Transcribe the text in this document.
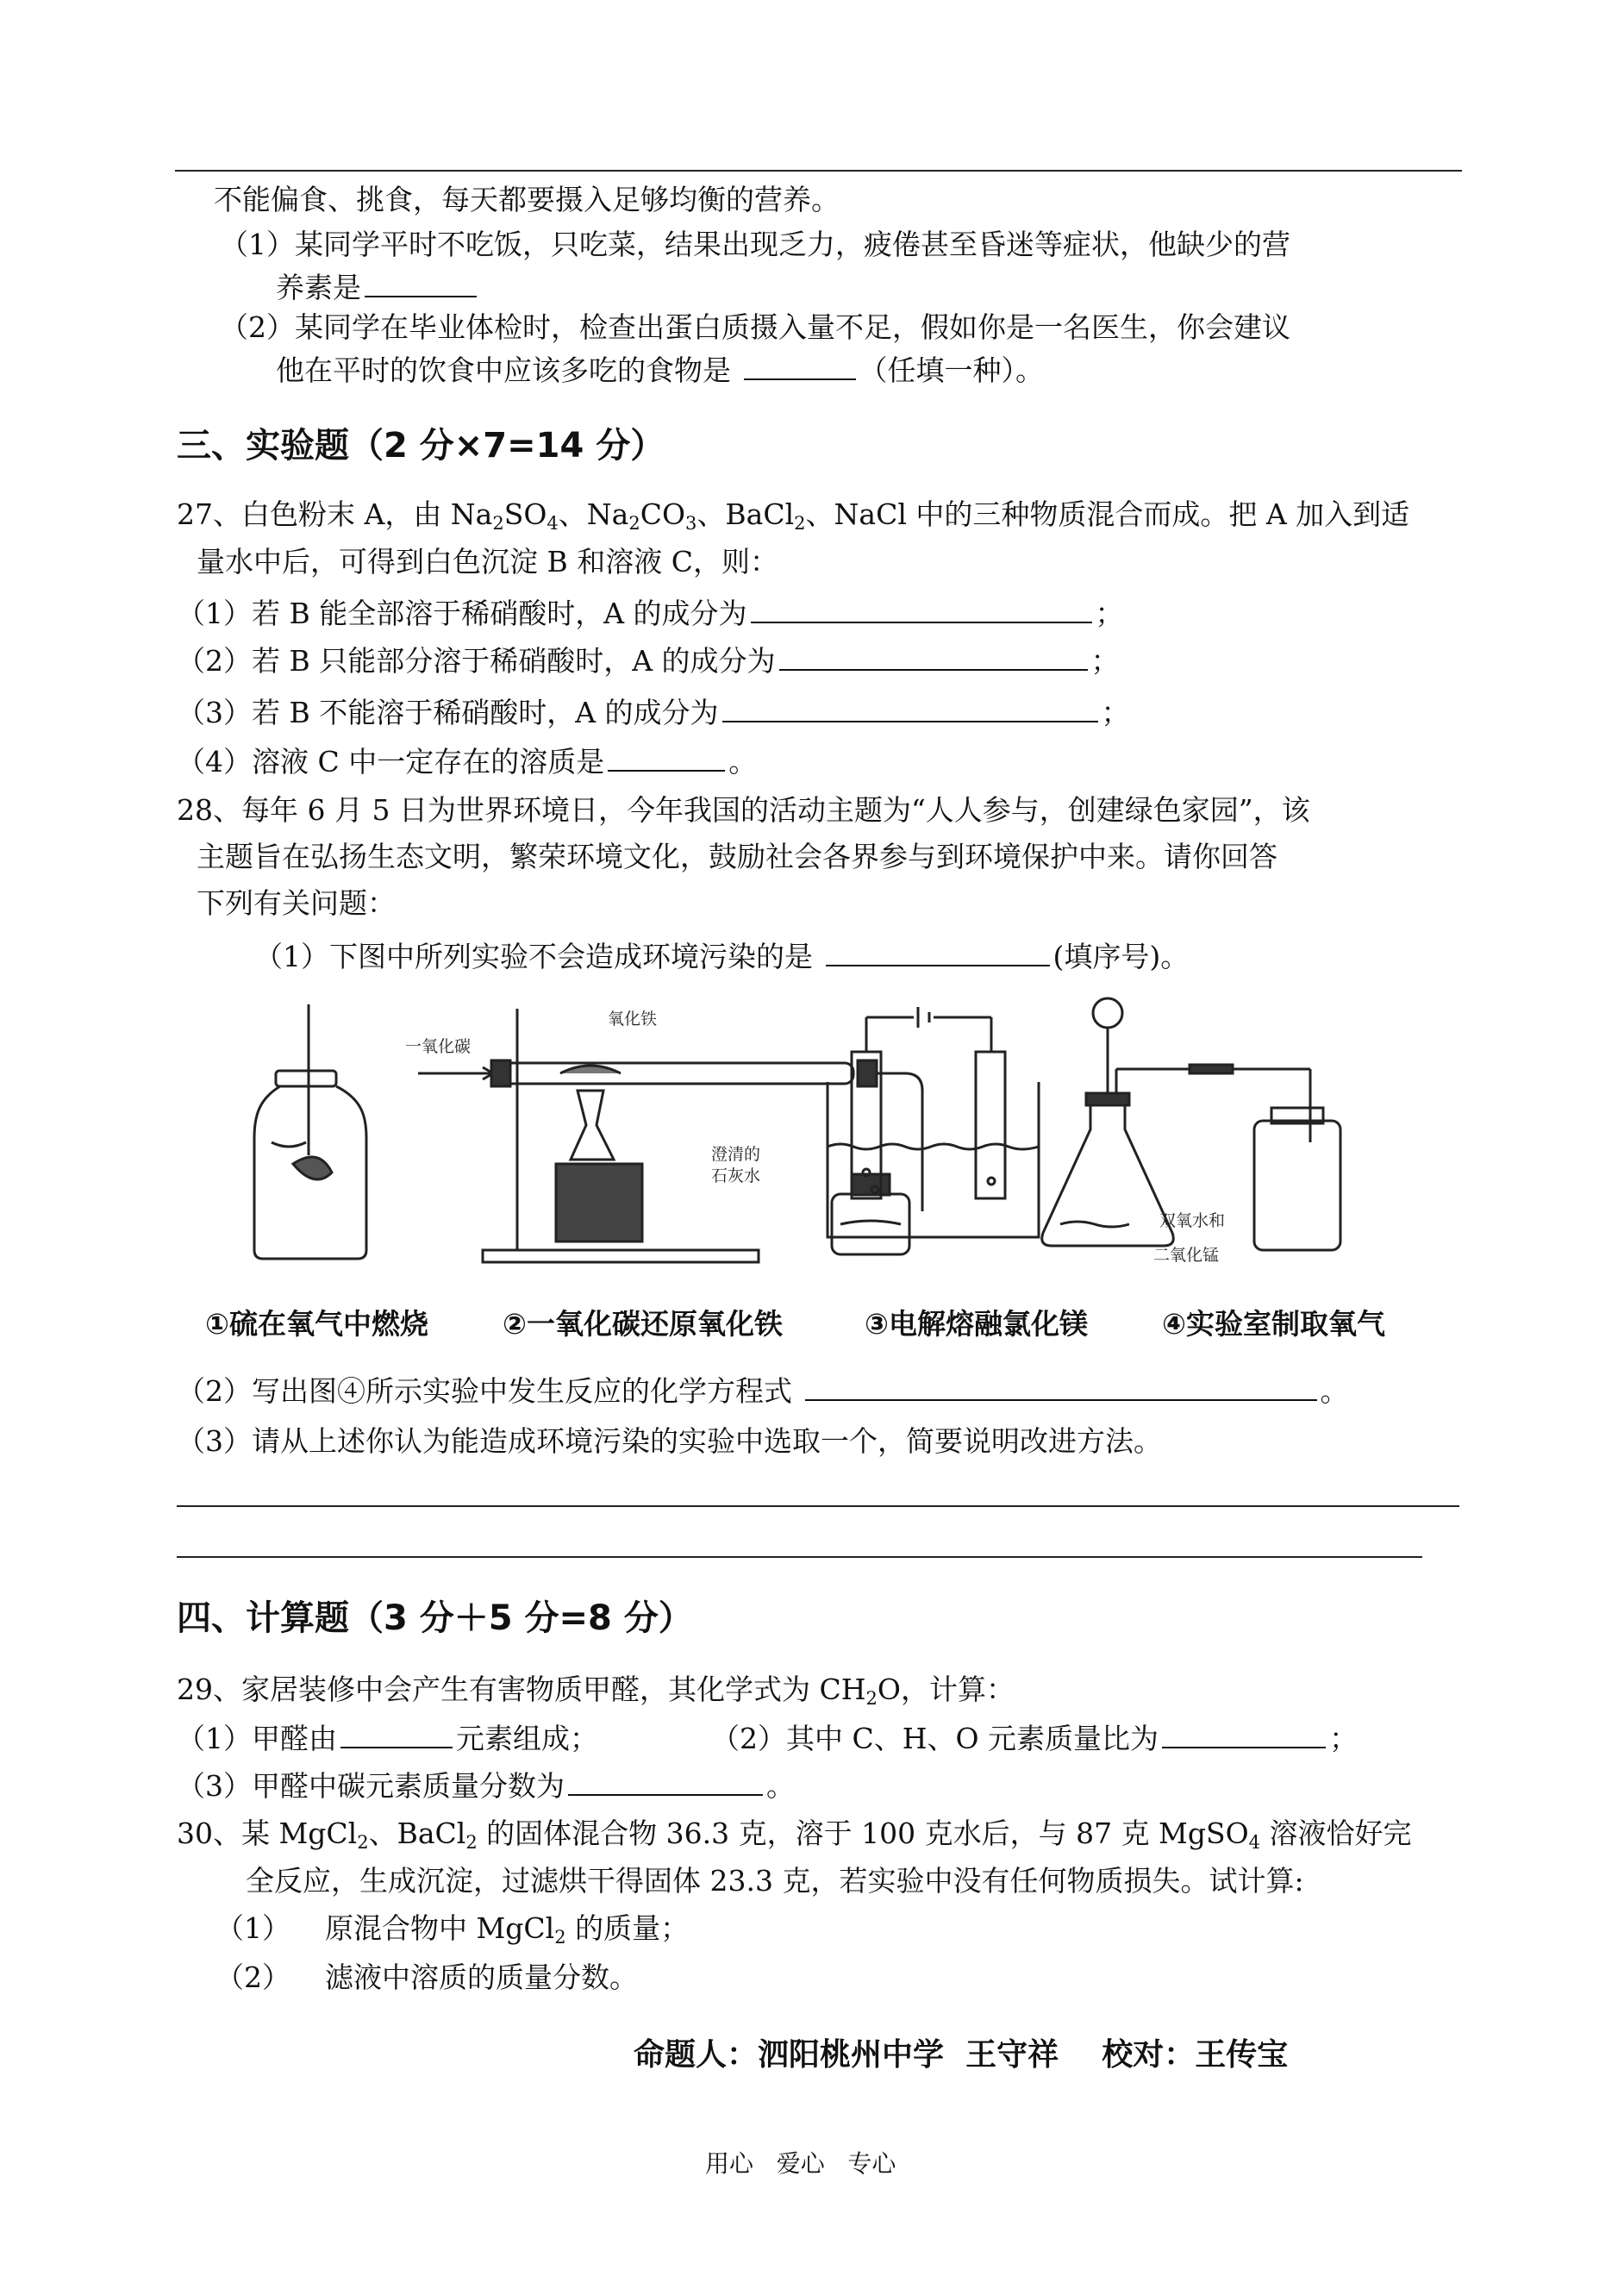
不能偏食、挑食，每天都要摄入足够均衡的营养。
（1）某同学平时不吃饭，只吃菜，结果出现乏力，疲倦甚至昏迷等症状，他缺少的营
养素是
（2）某同学在毕业体检时，检查出蛋白质摄入量不足，假如你是一名医生，你会建议
他在平时的饮食中应该多吃的食物是	（任填一种）。
三、实验题（2 分×7=14 分）
27、白色粉末 A，由 $Na_2SO_4$、$Na_2CO_3$、BaCl$_2$、NaCl 中的三种物质混合而成。把 A 加入到适
量水中后，可得到白色沉淀 B 和溶液 C，则：
（1）若 B 能全部溶于稀硝酸时，A 的成分为	；
（2）若 B 只能部分溶于稀硝酸时，A 的成分为	；
（3）若 B 不能溶于稀硝酸时，A 的成分为	；
（4）溶液 C 中一定存在的溶质是	。
28、每年 6 月 5 日为世界环境日，今年我国的活动主题为“人人参与，创建绿色家园”，该
主题旨在弘扬生态文明，繁荣环境文化，鼓励社会各界参与到环境保护中来。请你回答
下列有关问题：
（1）下图中所列实验不会造成环境污染的是	(填序号)。
一氧化碳
氧化铁
澄清的
石灰水
双氧水和
二氧化锰
①硫在氧气中燃烧	②一氧化碳还原氧化铁	③电解熔融氯化镁	④实验室制取氧气
（2）写出图④所示实验中发生反应的化学方程式	。
（3）请从上述你认为能造成环境污染的实验中选取一个，简要说明改进方法。
四、计算题（3 分＋5 分=8 分）
29、家居装修中会产生有害物质甲醛，其化学式为 $CH_2O$，计算：
（1）甲醛由	元素组成；	（2）其中 C、H、O 元素质量比为	；
（3）甲醛中碳元素质量分数为	。
30、某 MgCl$_2$、BaCl$_2$ 的固体混合物 36.3 克，溶于 100 克水后，与 87 克 MgSO$_4$ 溶液恰好完
全反应，生成沉淀，过滤烘干得固体 23.3 克，若实验中没有任何物质损失。试计算:
（1） 原混合物中 MgCl$_2$ 的质量；
（2） 滤液中溶质的质量分数。
命题人：泗阳桃州中学  王守祥    校对：王传宝
用心   爱心   专心
